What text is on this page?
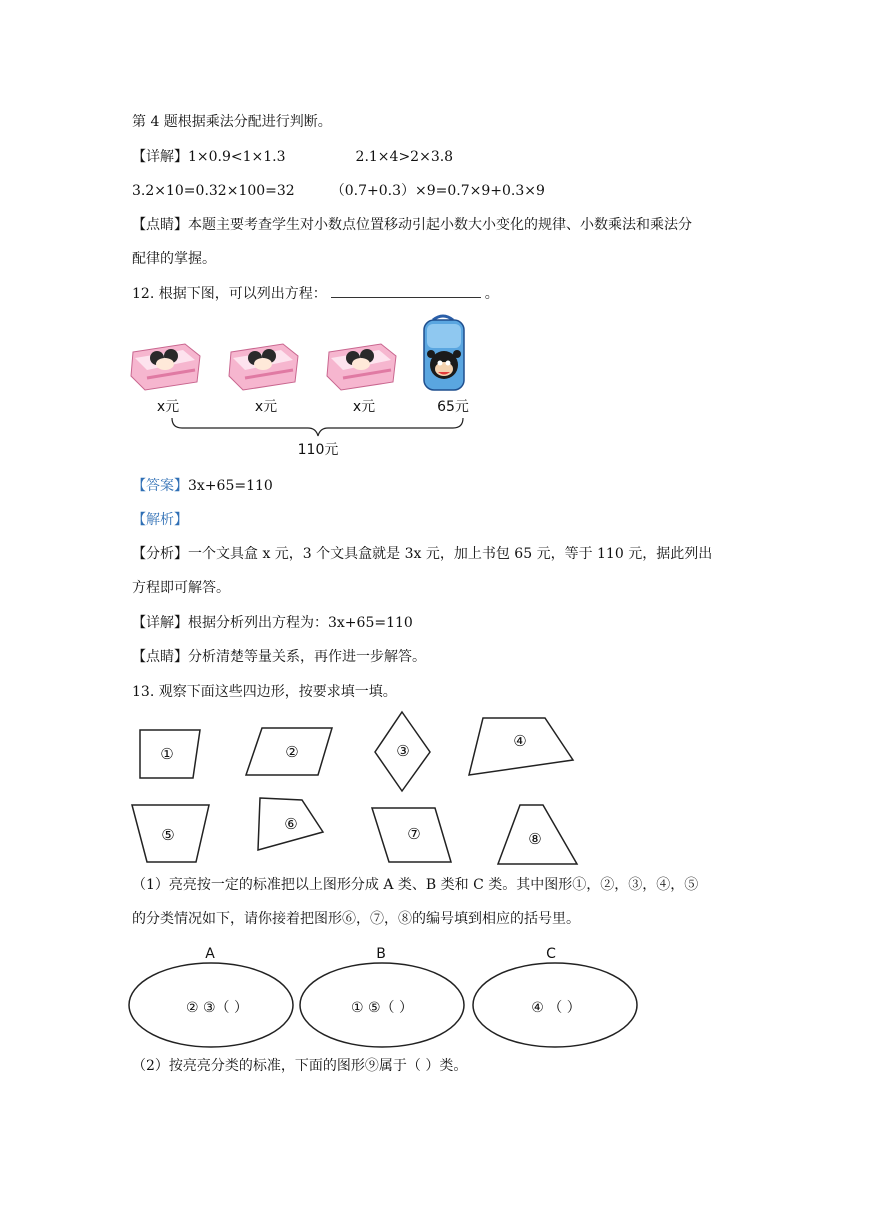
第 4 题根据乘法分配进行判断。
【详解】1×0.9<1×1.3	2.1×4>2×3.8
3.2×10=0.32×100=32	（0.7+0.3）×9=0.7×9+0.3×9
【点睛】本题主要考查学生对小数点位置移动引起小数大小变化的规律、小数乘法和乘法分
配律的掌握。
12. 根据下图，可以列出方程：	。
x元	x元	x元	65元
110元
【答案】3x+65=110
【解析】
【分析】一个文具盒 x 元，3 个文具盒就是 3x 元，加上书包 65 元，等于 110 元，据此列出
方程即可解答。
【详解】根据分析列出方程为：3x+65=110
【点睛】分析清楚等量关系，再作进一步解答。
13. 观察下面这些四边形，按要求填一填。
①	②	③
④
⑤
⑥
⑦	⑧
（1）亮亮按一定的标准把以上图形分成 A 类、B 类和 C 类。其中图形①，②，③，④，⑤
的分类情况如下，请你接着把图形⑥，⑦，⑧的编号填到相应的括号里。
A	B	C
② ③（ ）	① ⑤（ ）	④ （ ）
（2）按亮亮分类的标准，下面的图形⑨属于（ ）类。
